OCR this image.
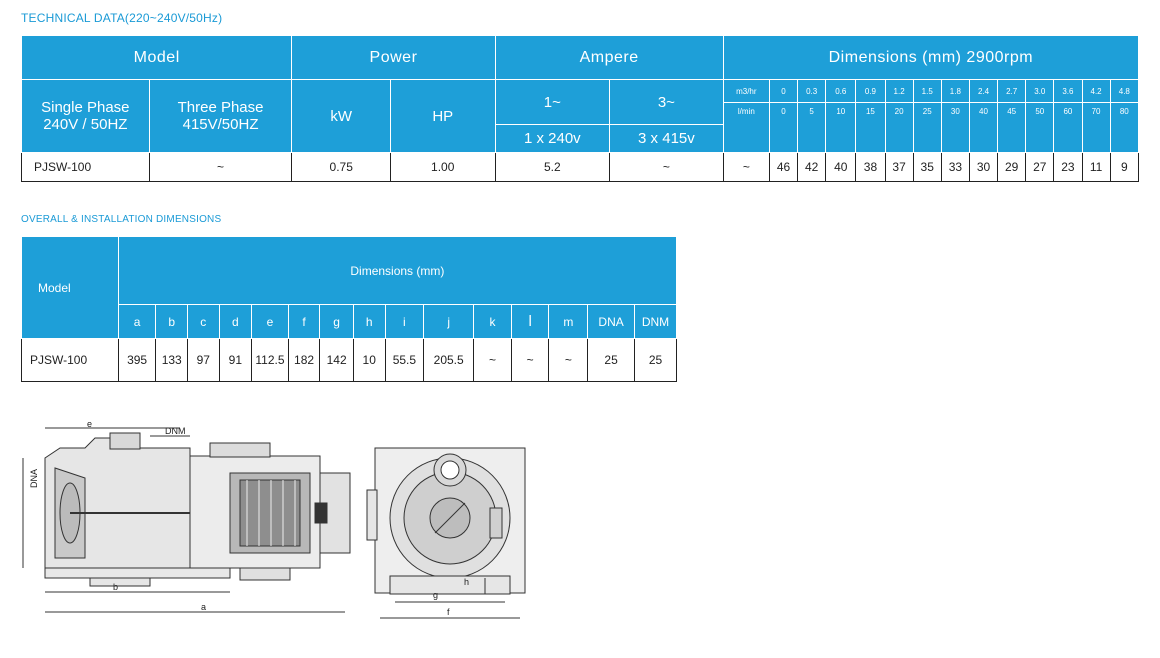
TECHNICAL DATA(220~240V/50Hz)
Model		Power		Ampere		Dimensions (mm) 2900rpm													
Single Phase 240V / 50HZ	Three Phase 415V/50HZ	kW	HP	1~	3~	m3/hr	0	0.3	0.6	0.9	1.2	1.5	1.8	2.4	2.7	3.0	3.6	4.2	4.8
						l/min	0	5	10	15	20	25	30	40	45	50	60	70	80
				1 x 240v	3 x 415v														
PJSW-100	~	0.75	1.00	5.2	~	~	46	42	40	38	37	35	33	30	29	27	23	11	9
OVERALL & INSTALLATION DIMENSIONS
Model	Dimensions (mm)														
	a	b	c	d	e	f	g	h	i	j	k	l	m	DNA	DNM
PJSW-100	395	133	97	91	112.5	182	142	10	55.5	205.5	~	~	~	25	25
e
DNM
DNA
b
a
h
g
f
